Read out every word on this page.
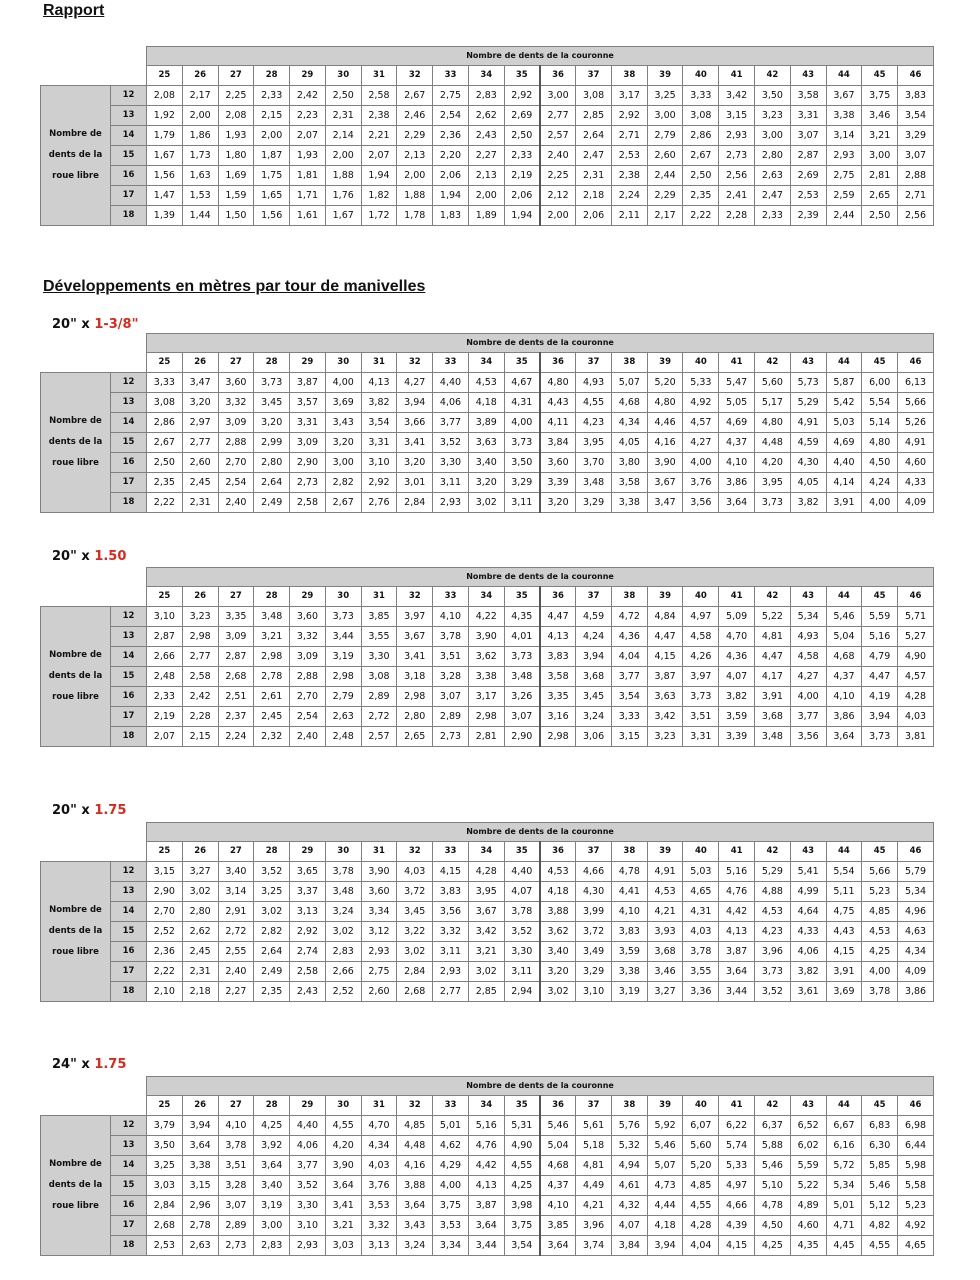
Rapport
		Nombre de dents de la couronne																					
		25	26	27	28	29	30	31	32	33	34	35	36	37	38	39	40	41	42	43	44	45	46

Nombre de
dents de la
roue libre	12	2,08	2,17	2,25	2,33	2,42	2,50	2,58	2,67	2,75	2,83	2,92	3,00	3,08	3,17	3,25	3,33	3,42	3,50	3,58	3,67	3,75	3,83
	13	1,92	2,00	2,08	2,15	2,23	2,31	2,38	2,46	2,54	2,62	2,69	2,77	2,85	2,92	3,00	3,08	3,15	3,23	3,31	3,38	3,46	3,54
	14	1,79	1,86	1,93	2,00	2,07	2,14	2,21	2,29	2,36	2,43	2,50	2,57	2,64	2,71	2,79	2,86	2,93	3,00	3,07	3,14	3,21	3,29
	15	1,67	1,73	1,80	1,87	1,93	2,00	2,07	2,13	2,20	2,27	2,33	2,40	2,47	2,53	2,60	2,67	2,73	2,80	2,87	2,93	3,00	3,07
	16	1,56	1,63	1,69	1,75	1,81	1,88	1,94	2,00	2,06	2,13	2,19	2,25	2,31	2,38	2,44	2,50	2,56	2,63	2,69	2,75	2,81	2,88
	17	1,47	1,53	1,59	1,65	1,71	1,76	1,82	1,88	1,94	2,00	2,06	2,12	2,18	2,24	2,29	2,35	2,41	2,47	2,53	2,59	2,65	2,71
	18	1,39	1,44	1,50	1,56	1,61	1,67	1,72	1,78	1,83	1,89	1,94	2,00	2,06	2,11	2,17	2,22	2,28	2,33	2,39	2,44	2,50	2,56
Développements en mètres par tour de manivelles
20" x 1-3/8"
		Nombre de dents de la couronne																					
		25	26	27	28	29	30	31	32	33	34	35	36	37	38	39	40	41	42	43	44	45	46

Nombre de
dents de la
roue libre	12	3,33	3,47	3,60	3,73	3,87	4,00	4,13	4,27	4,40	4,53	4,67	4,80	4,93	5,07	5,20	5,33	5,47	5,60	5,73	5,87	6,00	6,13
	13	3,08	3,20	3,32	3,45	3,57	3,69	3,82	3,94	4,06	4,18	4,31	4,43	4,55	4,68	4,80	4,92	5,05	5,17	5,29	5,42	5,54	5,66
	14	2,86	2,97	3,09	3,20	3,31	3,43	3,54	3,66	3,77	3,89	4,00	4,11	4,23	4,34	4,46	4,57	4,69	4,80	4,91	5,03	5,14	5,26
	15	2,67	2,77	2,88	2,99	3,09	3,20	3,31	3,41	3,52	3,63	3,73	3,84	3,95	4,05	4,16	4,27	4,37	4,48	4,59	4,69	4,80	4,91
	16	2,50	2,60	2,70	2,80	2,90	3,00	3,10	3,20	3,30	3,40	3,50	3,60	3,70	3,80	3,90	4,00	4,10	4,20	4,30	4,40	4,50	4,60
	17	2,35	2,45	2,54	2,64	2,73	2,82	2,92	3,01	3,11	3,20	3,29	3,39	3,48	3,58	3,67	3,76	3,86	3,95	4,05	4,14	4,24	4,33
	18	2,22	2,31	2,40	2,49	2,58	2,67	2,76	2,84	2,93	3,02	3,11	3,20	3,29	3,38	3,47	3,56	3,64	3,73	3,82	3,91	4,00	4,09
20" x 1.50
		Nombre de dents de la couronne																					
		25	26	27	28	29	30	31	32	33	34	35	36	37	38	39	40	41	42	43	44	45	46

Nombre de
dents de la
roue libre	12	3,10	3,23	3,35	3,48	3,60	3,73	3,85	3,97	4,10	4,22	4,35	4,47	4,59	4,72	4,84	4,97	5,09	5,22	5,34	5,46	5,59	5,71
	13	2,87	2,98	3,09	3,21	3,32	3,44	3,55	3,67	3,78	3,90	4,01	4,13	4,24	4,36	4,47	4,58	4,70	4,81	4,93	5,04	5,16	5,27
	14	2,66	2,77	2,87	2,98	3,09	3,19	3,30	3,41	3,51	3,62	3,73	3,83	3,94	4,04	4,15	4,26	4,36	4,47	4,58	4,68	4,79	4,90
	15	2,48	2,58	2,68	2,78	2,88	2,98	3,08	3,18	3,28	3,38	3,48	3,58	3,68	3,77	3,87	3,97	4,07	4,17	4,27	4,37	4,47	4,57
	16	2,33	2,42	2,51	2,61	2,70	2,79	2,89	2,98	3,07	3,17	3,26	3,35	3,45	3,54	3,63	3,73	3,82	3,91	4,00	4,10	4,19	4,28
	17	2,19	2,28	2,37	2,45	2,54	2,63	2,72	2,80	2,89	2,98	3,07	3,16	3,24	3,33	3,42	3,51	3,59	3,68	3,77	3,86	3,94	4,03
	18	2,07	2,15	2,24	2,32	2,40	2,48	2,57	2,65	2,73	2,81	2,90	2,98	3,06	3,15	3,23	3,31	3,39	3,48	3,56	3,64	3,73	3,81
20" x 1.75
		Nombre de dents de la couronne																					
		25	26	27	28	29	30	31	32	33	34	35	36	37	38	39	40	41	42	43	44	45	46

Nombre de
dents de la
roue libre	12	3,15	3,27	3,40	3,52	3,65	3,78	3,90	4,03	4,15	4,28	4,40	4,53	4,66	4,78	4,91	5,03	5,16	5,29	5,41	5,54	5,66	5,79
	13	2,90	3,02	3,14	3,25	3,37	3,48	3,60	3,72	3,83	3,95	4,07	4,18	4,30	4,41	4,53	4,65	4,76	4,88	4,99	5,11	5,23	5,34
	14	2,70	2,80	2,91	3,02	3,13	3,24	3,34	3,45	3,56	3,67	3,78	3,88	3,99	4,10	4,21	4,31	4,42	4,53	4,64	4,75	4,85	4,96
	15	2,52	2,62	2,72	2,82	2,92	3,02	3,12	3,22	3,32	3,42	3,52	3,62	3,72	3,83	3,93	4,03	4,13	4,23	4,33	4,43	4,53	4,63
	16	2,36	2,45	2,55	2,64	2,74	2,83	2,93	3,02	3,11	3,21	3,30	3,40	3,49	3,59	3,68	3,78	3,87	3,96	4,06	4,15	4,25	4,34
	17	2,22	2,31	2,40	2,49	2,58	2,66	2,75	2,84	2,93	3,02	3,11	3,20	3,29	3,38	3,46	3,55	3,64	3,73	3,82	3,91	4,00	4,09
	18	2,10	2,18	2,27	2,35	2,43	2,52	2,60	2,68	2,77	2,85	2,94	3,02	3,10	3,19	3,27	3,36	3,44	3,52	3,61	3,69	3,78	3,86
24" x 1.75
		Nombre de dents de la couronne																					
		25	26	27	28	29	30	31	32	33	34	35	36	37	38	39	40	41	42	43	44	45	46

Nombre de
dents de la
roue libre	12	3,79	3,94	4,10	4,25	4,40	4,55	4,70	4,85	5,01	5,16	5,31	5,46	5,61	5,76	5,92	6,07	6,22	6,37	6,52	6,67	6,83	6,98
	13	3,50	3,64	3,78	3,92	4,06	4,20	4,34	4,48	4,62	4,76	4,90	5,04	5,18	5,32	5,46	5,60	5,74	5,88	6,02	6,16	6,30	6,44
	14	3,25	3,38	3,51	3,64	3,77	3,90	4,03	4,16	4,29	4,42	4,55	4,68	4,81	4,94	5,07	5,20	5,33	5,46	5,59	5,72	5,85	5,98
	15	3,03	3,15	3,28	3,40	3,52	3,64	3,76	3,88	4,00	4,13	4,25	4,37	4,49	4,61	4,73	4,85	4,97	5,10	5,22	5,34	5,46	5,58
	16	2,84	2,96	3,07	3,19	3,30	3,41	3,53	3,64	3,75	3,87	3,98	4,10	4,21	4,32	4,44	4,55	4,66	4,78	4,89	5,01	5,12	5,23
	17	2,68	2,78	2,89	3,00	3,10	3,21	3,32	3,43	3,53	3,64	3,75	3,85	3,96	4,07	4,18	4,28	4,39	4,50	4,60	4,71	4,82	4,92
	18	2,53	2,63	2,73	2,83	2,93	3,03	3,13	3,24	3,34	3,44	3,54	3,64	3,74	3,84	3,94	4,04	4,15	4,25	4,35	4,45	4,55	4,65
